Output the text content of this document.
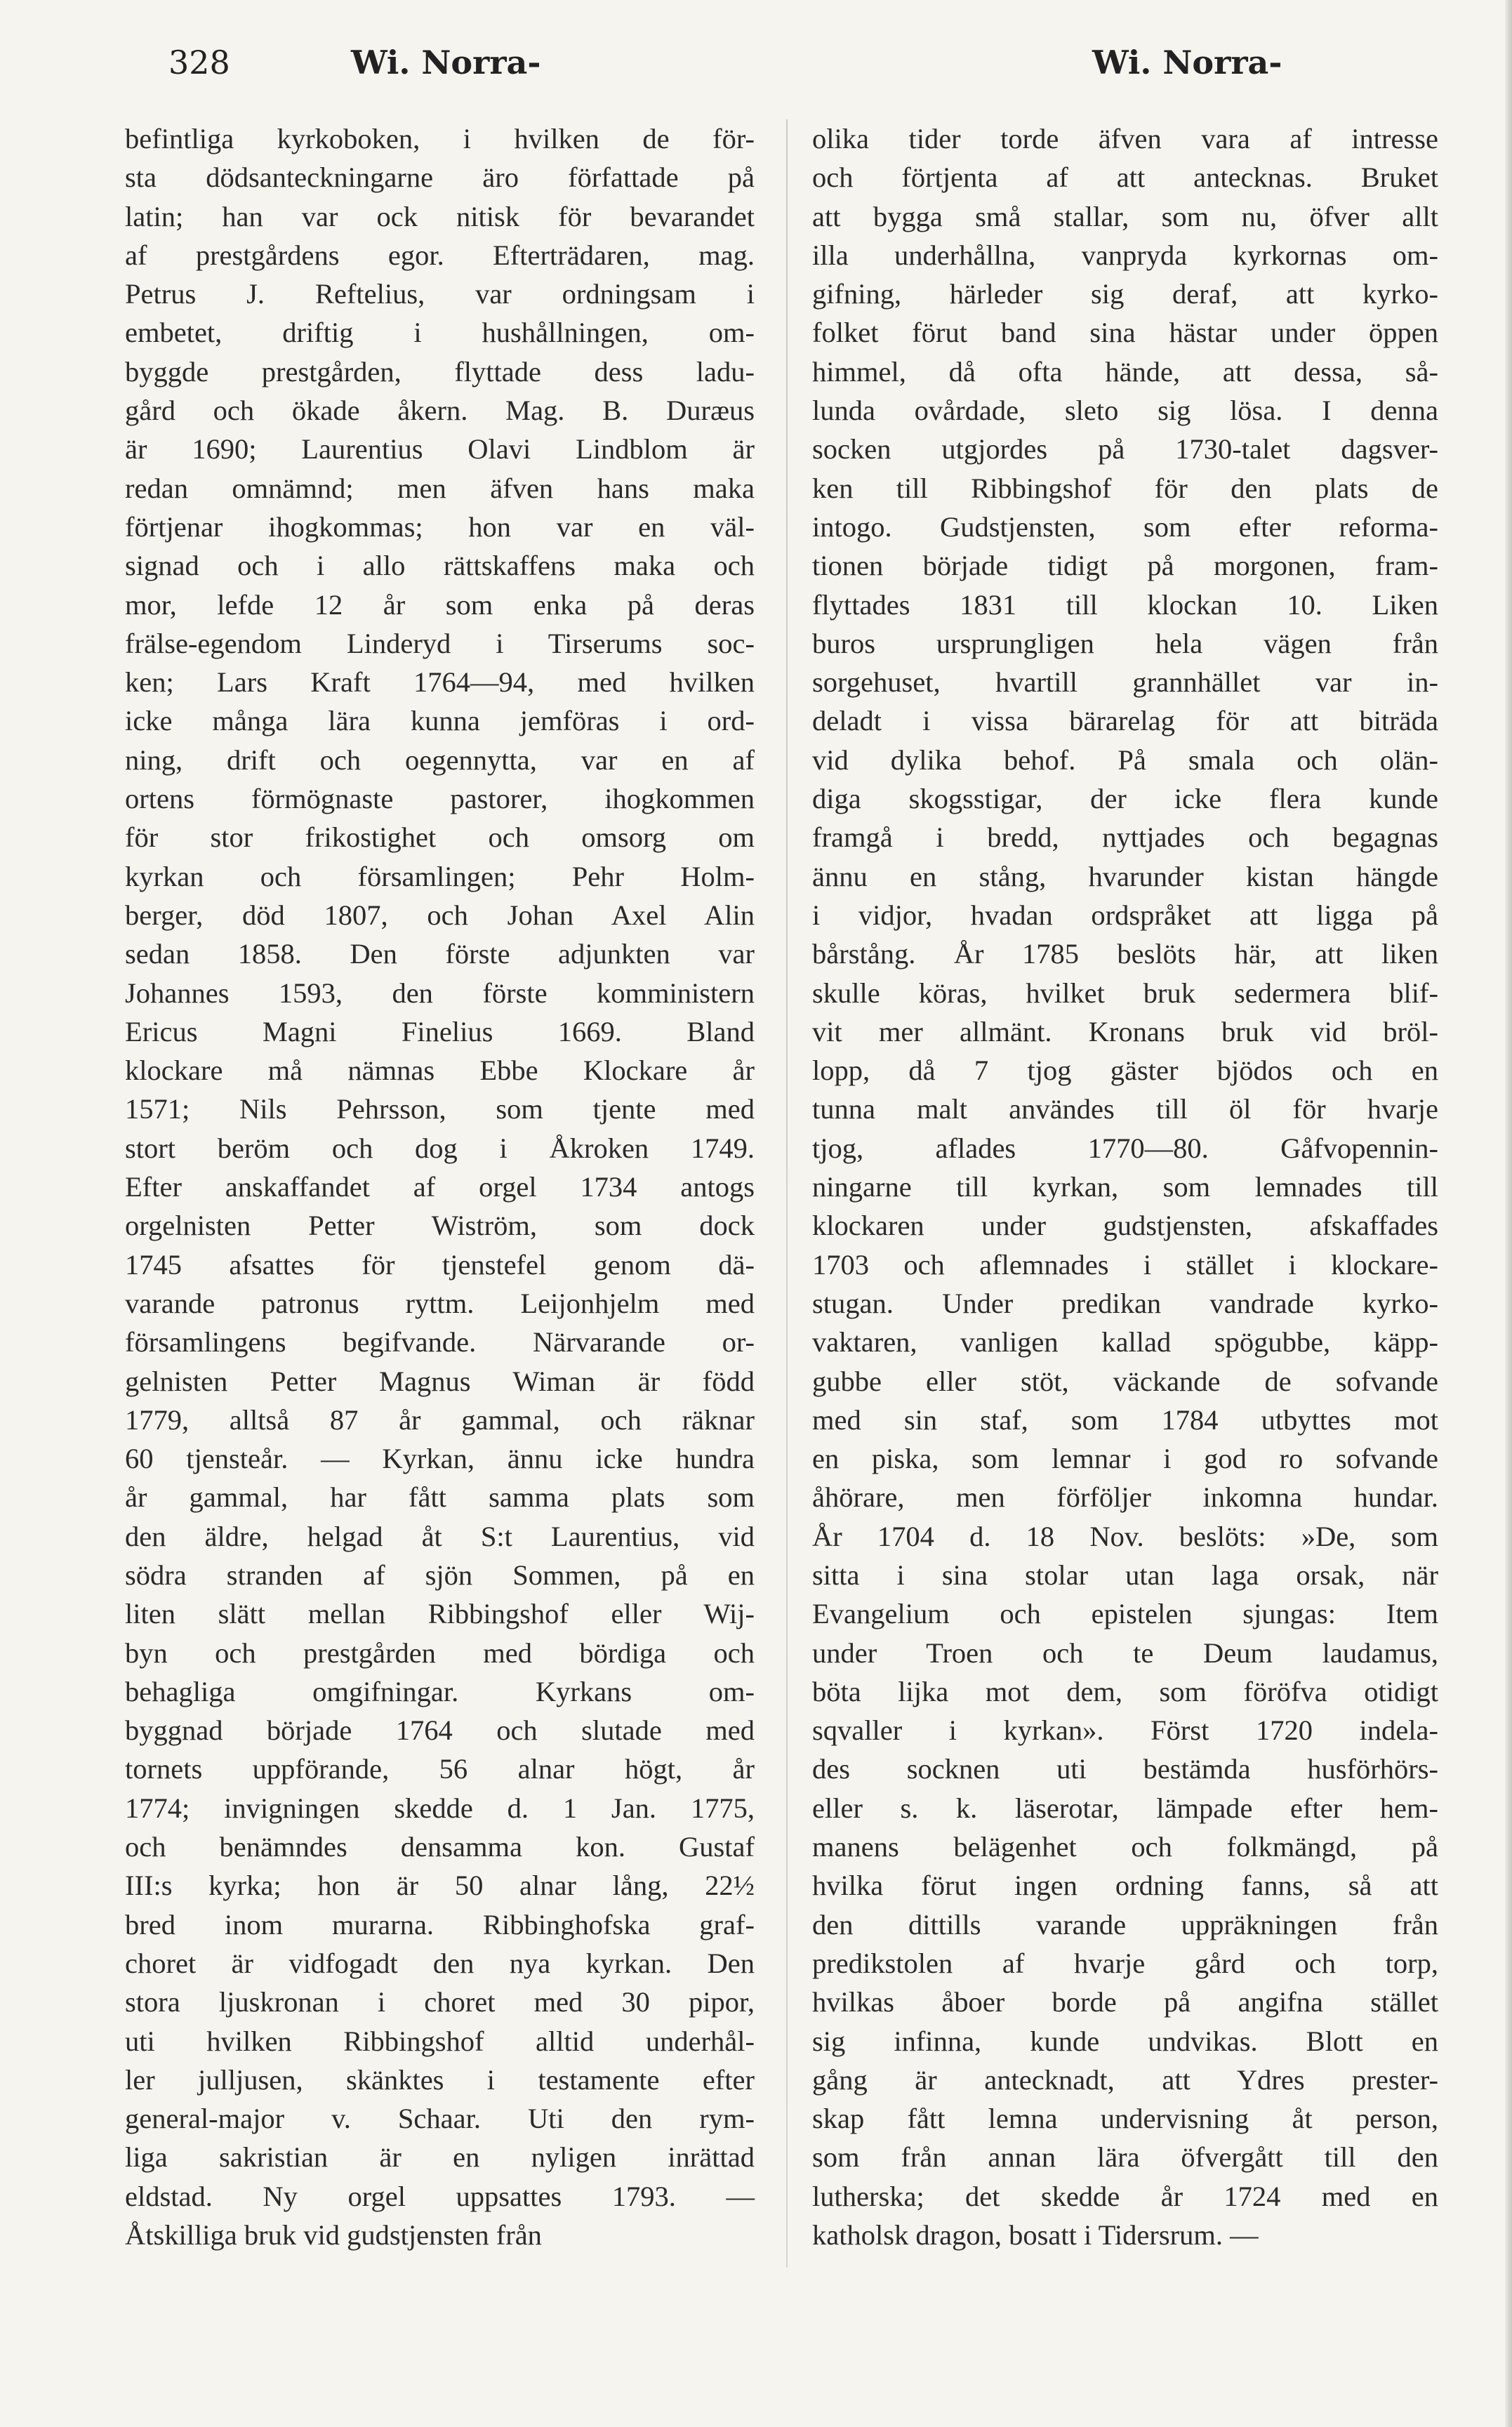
328	Wi. Norra-	Wi. Norra-
befintliga kyrkoboken, i hvilken de för-
sta dödsanteckningarne äro författade på
latin; han var ock nitisk för bevarandet
af prestgårdens egor. Efterträdaren, mag.
Petrus J. Reftelius, var ordningsam i
embetet, driftig i hushållningen, om-
byggde prestgården, flyttade dess ladu-
gård och ökade åkern. Mag. B. Duræus
är 1690; Laurentius Olavi Lindblom är
redan omnämnd; men äfven hans maka
förtjenar ihogkommas; hon var en väl-
signad och i allo rättskaffens maka och
mor, lefde 12 år som enka på deras
frälse-egendom Linderyd i Tirserums soc-
ken; Lars Kraft 1764—94, med hvilken
icke många lära kunna jemföras i ord-
ning, drift och oegennytta, var en af
ortens förmögnaste pastorer, ihogkommen
för stor frikostighet och omsorg om
kyrkan och församlingen; Pehr Holm-
berger, död 1807, och Johan Axel Alin
sedan 1858. Den förste adjunkten var
Johannes 1593, den förste komministern
Ericus Magni Finelius 1669. Bland
klockare må nämnas Ebbe Klockare år
1571; Nils Pehrsson, som tjente med
stort beröm och dog i Åkroken 1749.
Efter anskaffandet af orgel 1734 antogs
orgelnisten Petter Wiström, som dock
1745 afsattes för tjenstefel genom dä-
varande patronus ryttm. Leijonhjelm med
församlingens begifvande. Närvarande or-
gelnisten Petter Magnus Wiman är född
1779, alltså 87 år gammal, och räknar
60 tjensteår. — Kyrkan, ännu icke hundra
år gammal, har fått samma plats som
den äldre, helgad åt S:t Laurentius, vid
södra stranden af sjön Sommen, på en
liten slätt mellan Ribbingshof eller Wij-
byn och prestgården med bördiga och
behagliga omgifningar. Kyrkans om-
byggnad började 1764 och slutade med
tornets uppförande, 56 alnar högt, år
1774; invigningen skedde d. 1 Jan. 1775,
och benämndes densamma kon. Gustaf
III:s kyrka; hon är 50 alnar lång, 22½
bred inom murarna. Ribbinghofska graf-
choret är vidfogadt den nya kyrkan. Den
stora ljuskronan i choret med 30 pipor,
uti hvilken Ribbingshof alltid underhål-
ler julljusen, skänktes i testamente efter
general-major v. Schaar. Uti den rym-
liga sakristian är en nyligen inrättad
eldstad. Ny orgel uppsattes 1793. —
Åtskilliga bruk vid gudstjensten från
olika tider torde äfven vara af intresse
och förtjenta af att antecknas. Bruket
att bygga små stallar, som nu, öfver allt
illa underhållna, vanpryda kyrkornas om-
gifning, härleder sig deraf, att kyrko-
folket förut band sina hästar under öppen
himmel, då ofta hände, att dessa, så-
lunda ovårdade, sleto sig lösa. I denna
socken utgjordes på 1730-talet dagsver-
ken till Ribbingshof för den plats de
intogo. Gudstjensten, som efter reforma-
tionen började tidigt på morgonen, fram-
flyttades 1831 till klockan 10. Liken
buros ursprungligen hela vägen från
sorgehuset, hvartill grannhället var in-
deladt i vissa bärarelag för att biträda
vid dylika behof. På smala och olän-
diga skogsstigar, der icke flera kunde
framgå i bredd, nyttjades och begagnas
ännu en stång, hvarunder kistan hängde
i vidjor, hvadan ordspråket att ligga på
bårstång. År 1785 beslöts här, att liken
skulle köras, hvilket bruk sedermera blif-
vit mer allmänt. Kronans bruk vid bröl-
lopp, då 7 tjog gäster bjödos och en
tunna malt användes till öl för hvarje
tjog, aflades 1770—80. Gåfvopennin-
ningarne till kyrkan, som lemnades till
klockaren under gudstjensten, afskaffades
1703 och aflemnades i stället i klockare-
stugan. Under predikan vandrade kyrko-
vaktaren, vanligen kallad spögubbe, käpp-
gubbe eller stöt, väckande de sofvande
med sin staf, som 1784 utbyttes mot
en piska, som lemnar i god ro sofvande
åhörare, men förföljer inkomna hundar.
År 1704 d. 18 Nov. beslöts: »De, som
sitta i sina stolar utan laga orsak, när
Evangelium och epistelen sjungas: Item
under Troen och te Deum laudamus,
böta lijka mot dem, som föröfva otidigt
sqvaller i kyrkan». Först 1720 indela-
des socknen uti bestämda husförhörs-
eller s. k. läserotar, lämpade efter hem-
manens belägenhet och folkmängd, på
hvilka förut ingen ordning fanns, så att
den dittills varande uppräkningen från
predikstolen af hvarje gård och torp,
hvilkas åboer borde på angifna stället
sig infinna, kunde undvikas. Blott en
gång är antecknadt, att Ydres prester-
skap fått lemna undervisning åt person,
som från annan lära öfvergått till den
lutherska; det skedde år 1724 med en
katholsk dragon, bosatt i Tidersrum. —
